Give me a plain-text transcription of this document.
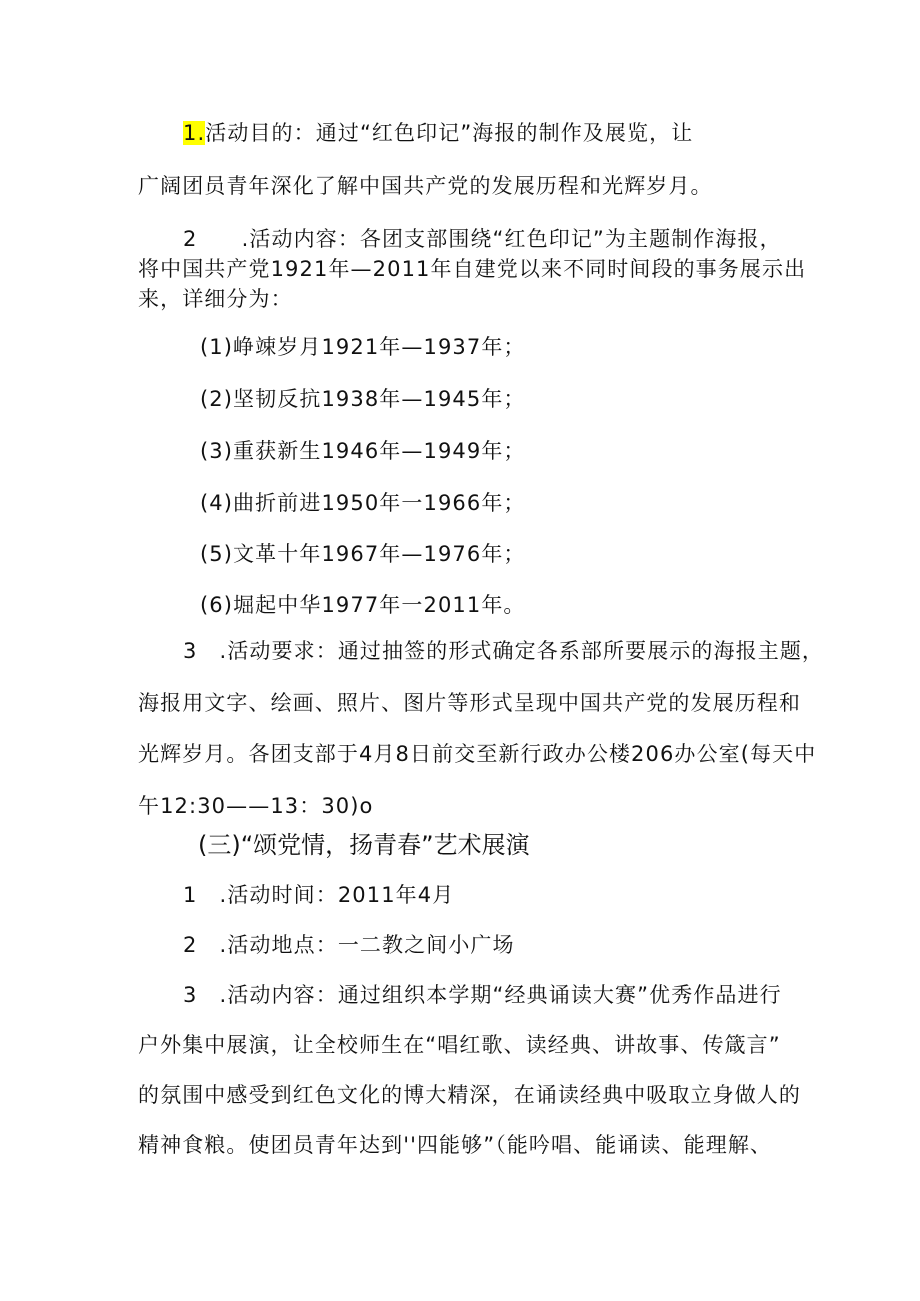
1.活动目的：通过“红色印记”海报的制作及展览，让
广阔团员青年深化了解中国共产党的发展历程和光辉岁月。
2　　.活动内容：各团支部围绕“红色印记”为主题制作海报，
将中国共产党1921年—2011年自建党以来不同时间段的事务展示出
来，详细分为：
(1)峥竦岁月1921年—1937年；
(2)坚韧反抗1938年—1945年；
(3)重获新生1946年—1949年；
(4)曲折前进1950年一1966年；
(5)文革十年1967年—1976年；
(6)堀起中华1977年一2011年。
3　.活动要求：通过抽签的形式确定各系部所要展示的海报主题，
海报用文字、绘画、照片、图片等形式呈现中国共产党的发展历程和
光辉岁月。各团支部于4月8日前交至新行政办公楼206办公室(每天中
午12:30——13：30)o
(三)“颂党情，扬青春”艺术展演
1　.活动时间：2011年4月
2　.活动地点：一二教之间小广场
3　.活动内容：通过组织本学期“经典诵读大赛”优秀作品进行
户外集中展演，让全校师生在“唱红歌、读经典、讲故事、传箴言”
的氛围中感受到红色文化的博大精深，在诵读经典中吸取立身做人的
精神食粮。使团员青年达到''四能够”（能吟唱、能诵读、能理解、
